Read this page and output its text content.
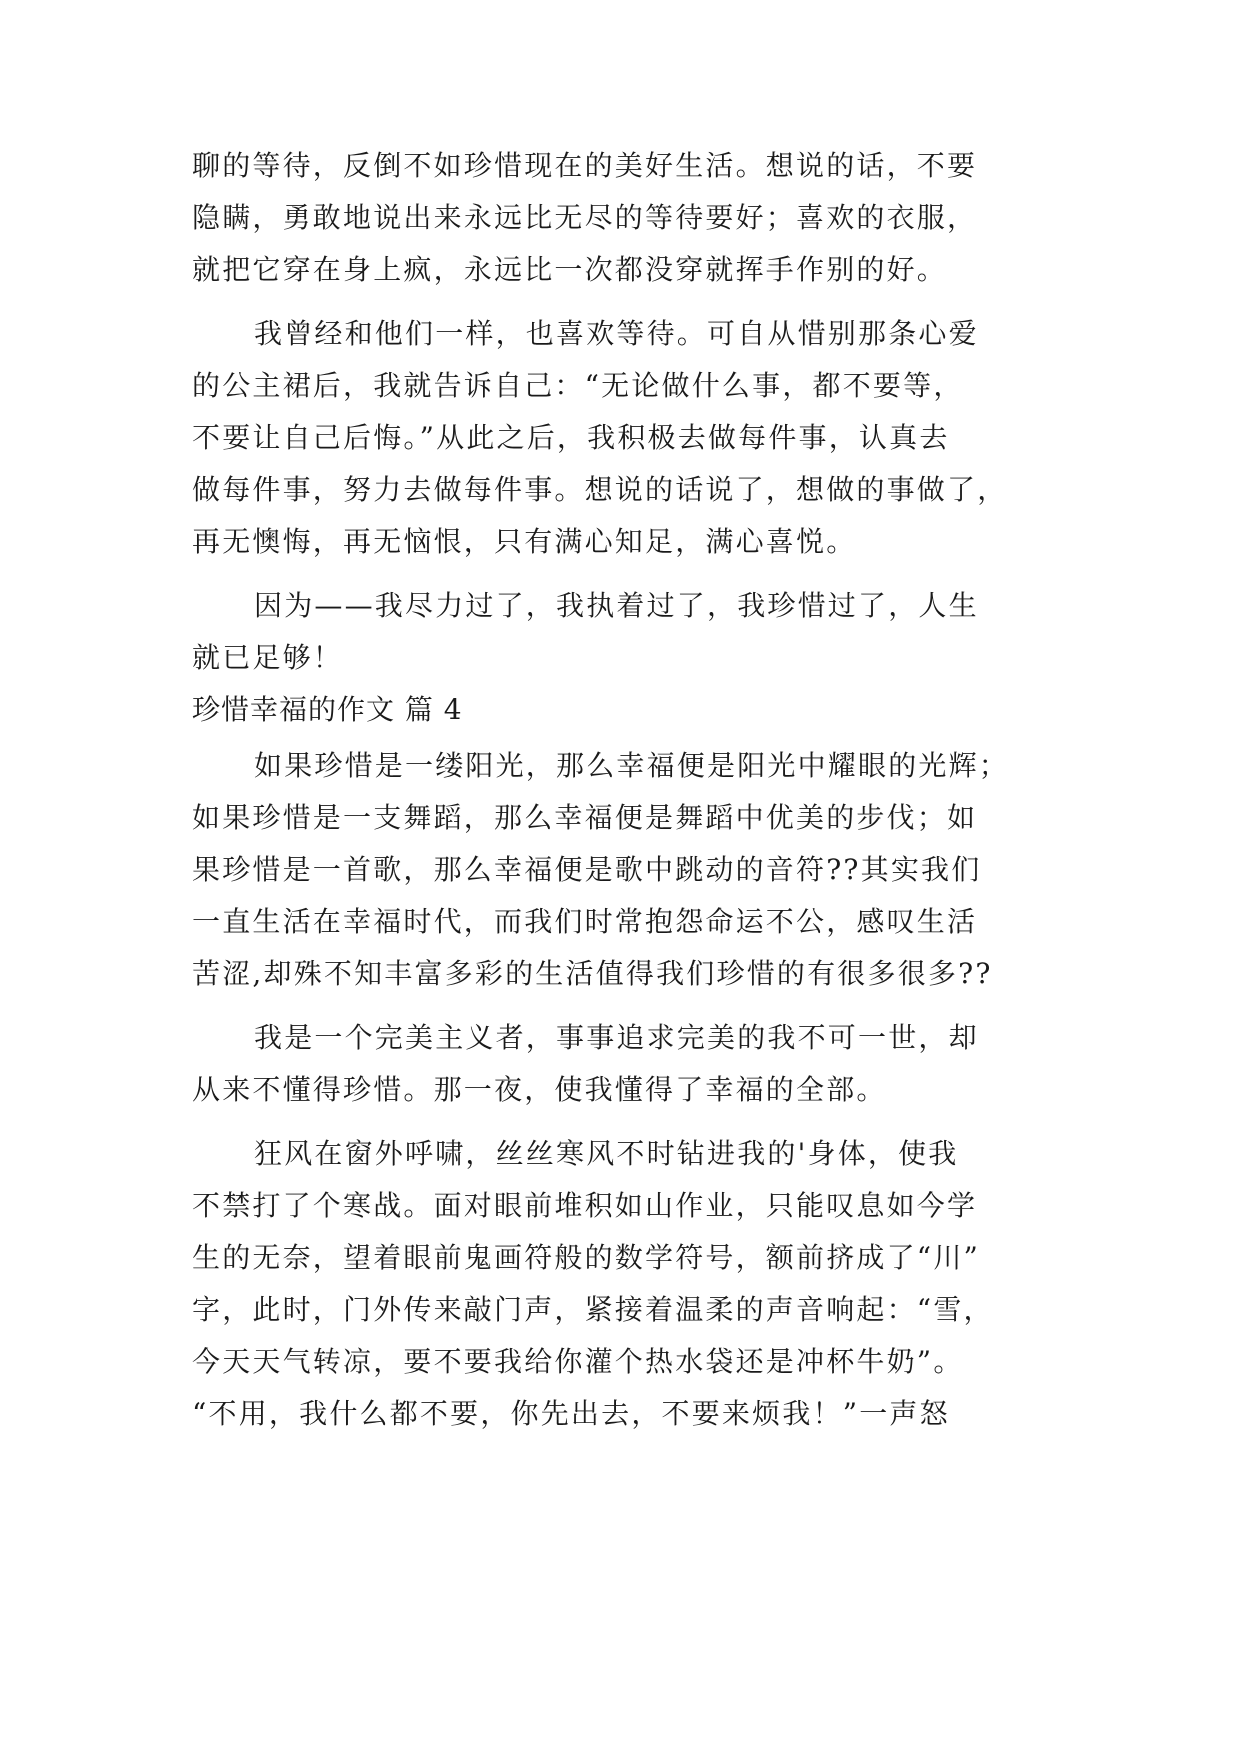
聊的等待，反倒不如珍惜现在的美好生活。想说的话，不要
隐瞒，勇敢地说出来永远比无尽的等待要好；喜欢的衣服，
就把它穿在身上疯，永远比一次都没穿就挥手作别的好。
我曾经和他们一样，也喜欢等待。可自从惜别那条心爱
的公主裙后，我就告诉自己：“无论做什么事，都不要等，
不要让自己后悔。”从此之后，我积极去做每件事，认真去
做每件事，努力去做每件事。想说的话说了，想做的事做了，
再无懊悔，再无恼恨，只有满心知足，满心喜悦。
因为——我尽力过了，我执着过了，我珍惜过了，人生
就已足够！
珍惜幸福的作文 篇 4
如果珍惜是一缕阳光，那么幸福便是阳光中耀眼的光辉；
如果珍惜是一支舞蹈，那么幸福便是舞蹈中优美的步伐；如
果珍惜是一首歌，那么幸福便是歌中跳动的音符??其实我们
一直生活在幸福时代，而我们时常抱怨命运不公，感叹生活
苦涩,却殊不知丰富多彩的生活值得我们珍惜的有很多很多??
我是一个完美主义者，事事追求完美的我不可一世，却
从来不懂得珍惜。那一夜，使我懂得了幸福的全部。
狂风在窗外呼啸，丝丝寒风不时钻进我的'身体，使我
不禁打了个寒战。面对眼前堆积如山作业，只能叹息如今学
生的无奈，望着眼前鬼画符般的数学符号，额前挤成了“川”
字，此时，门外传来敲门声，紧接着温柔的声音响起：“雪，
今天天气转凉，要不要我给你灌个热水袋还是冲杯牛奶”。
“不用，我什么都不要，你先出去，不要来烦我！”一声怒
